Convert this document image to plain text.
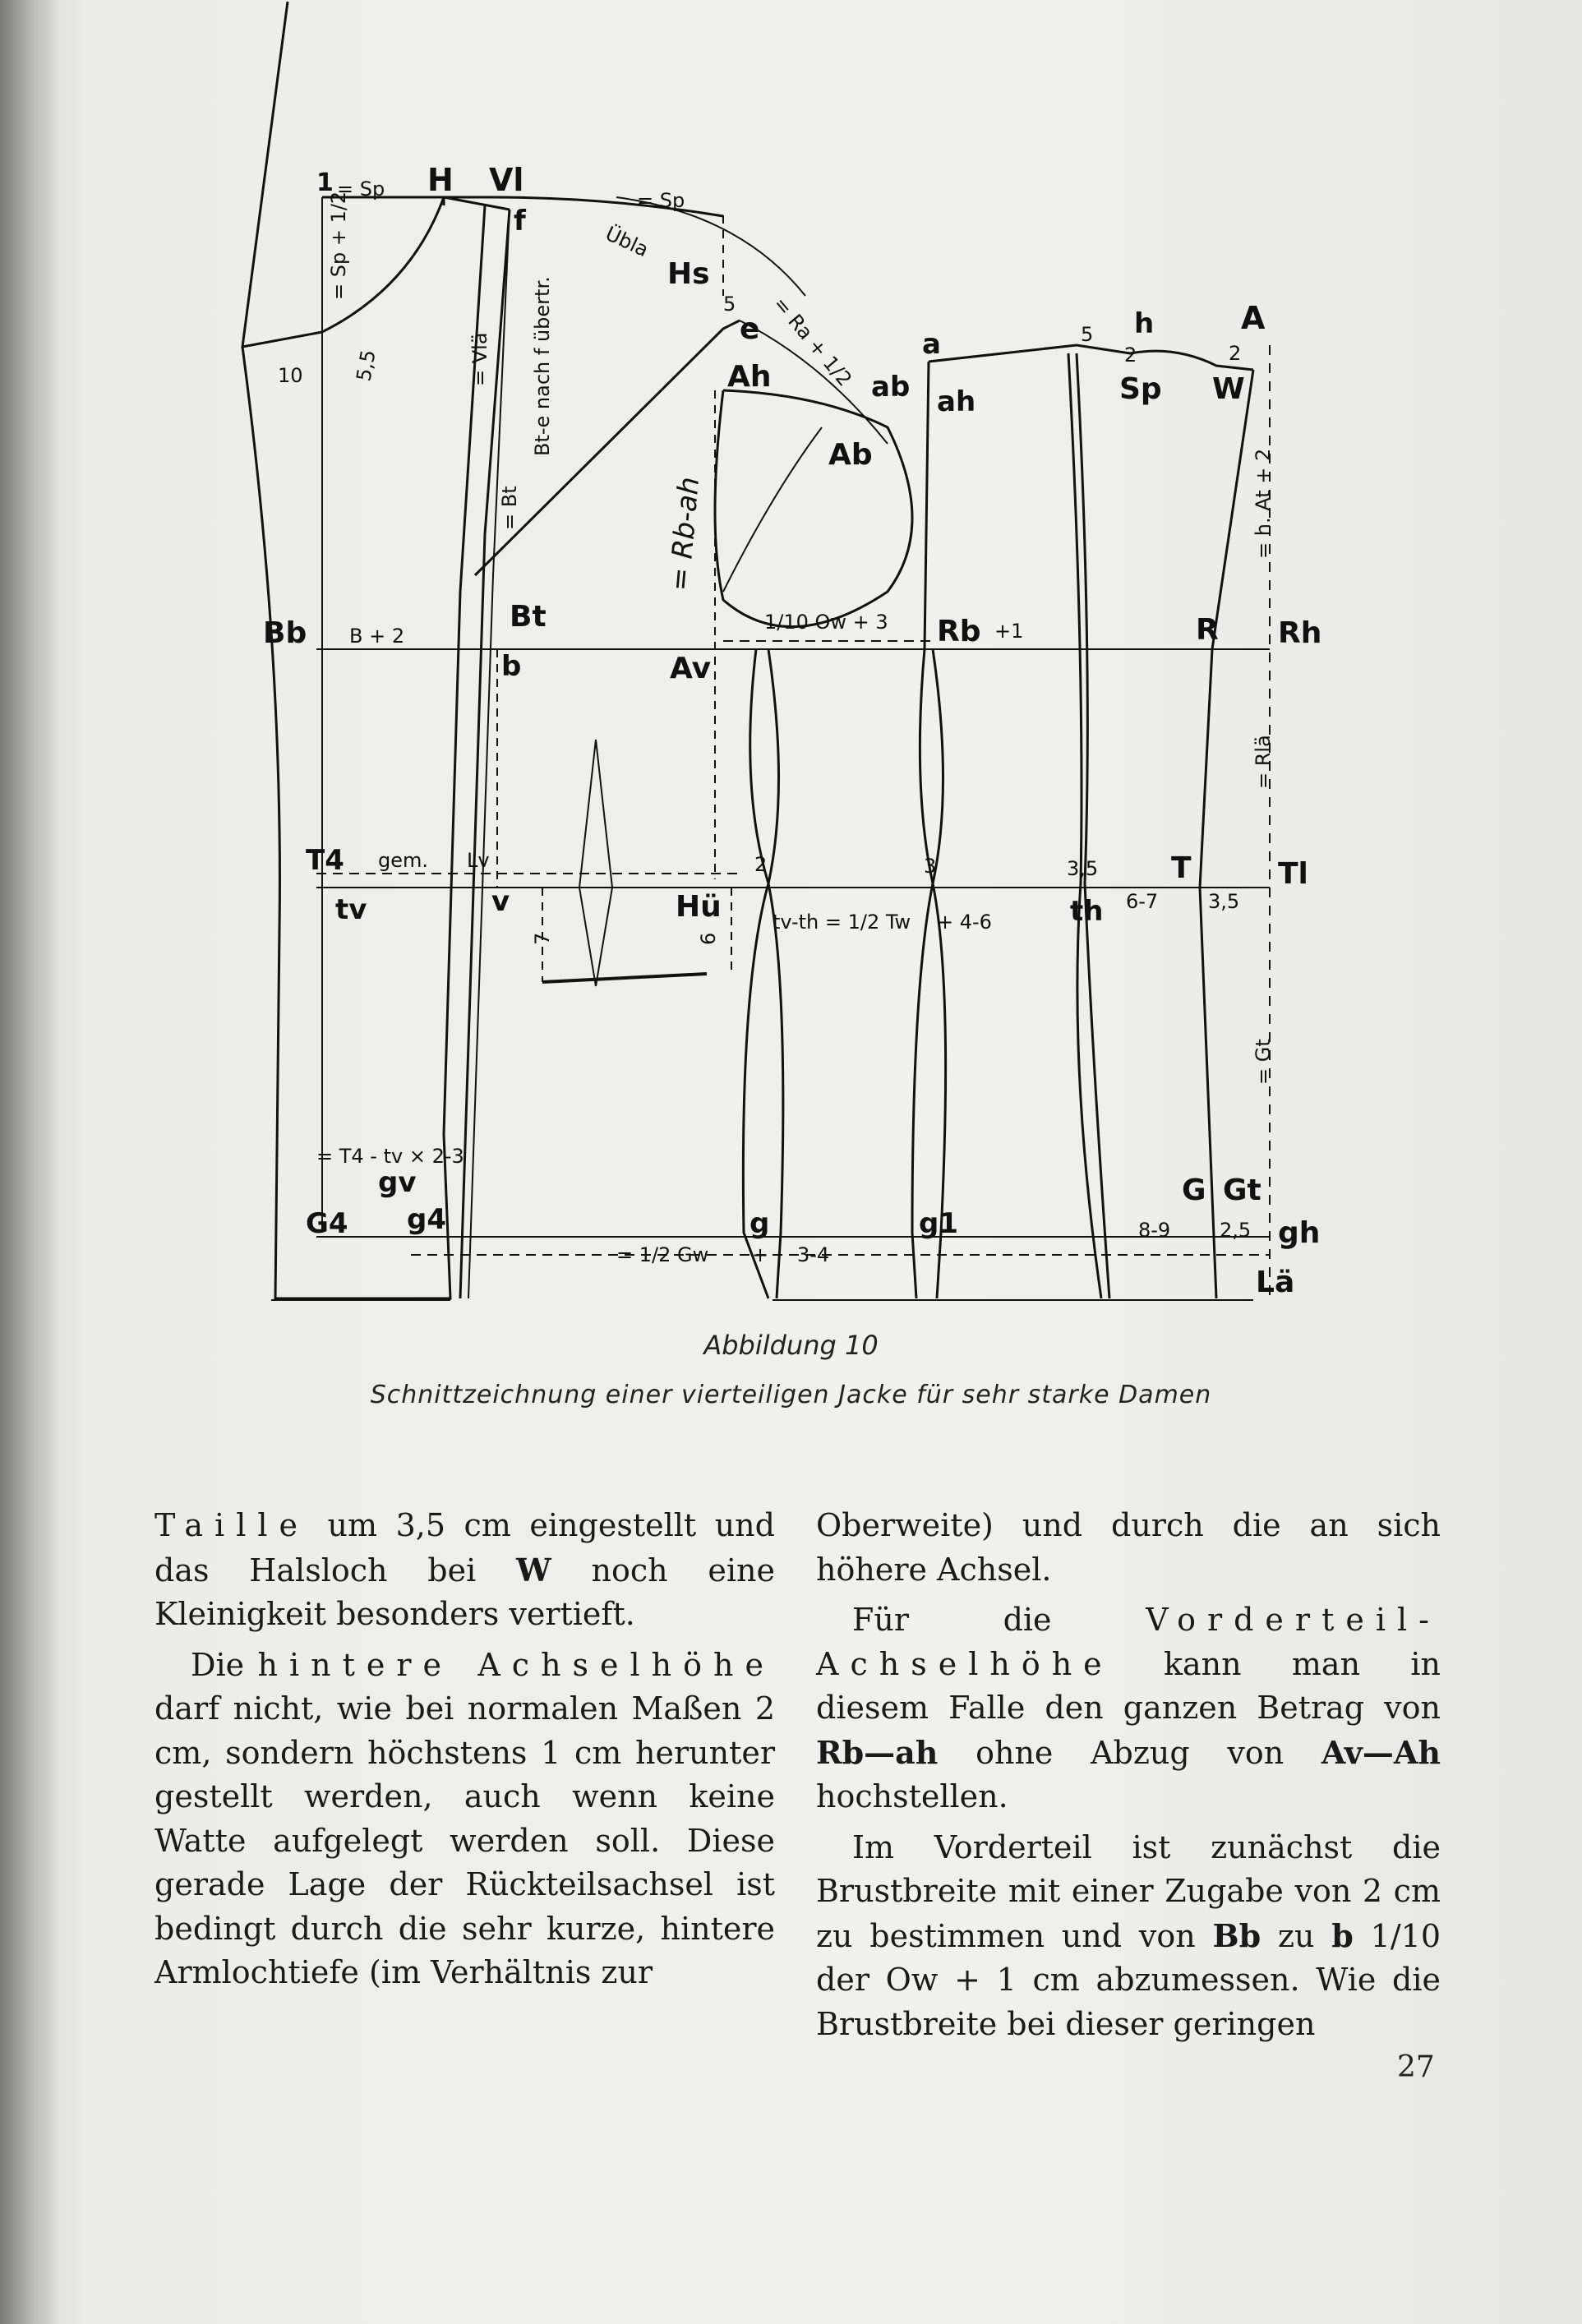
1	H Vl
f
Hs
e
Ah
Ab
a
ab ah
h	A
Sp W
Bb	Bt
b	Av
Rb	R Rh
T4
tv	v	Hü	th
T	Tl
gv
G4 g4	g	g1
G Gt
gh
Lä
= Sp	= Sp
Übla
5 = Ra + 1/2	5
2	2
= h. At + 2
= Sp + 1/2
10 5,5	= Vlä Bt-e nach f übertr.
= Bt	= Rb-ah
1/10 Ow + 3	+1
B + 2
= Rlä
gem. Lv	2	3	3,5
tv-th = 1/2 Tw + 4-6
6-7	3,5
7	6
= Gt
= T4 - tv × 2-3
8-9 2,5
= 1/2 Gw + 3-4
Abbildung 10
Schnittzeichnung einer vierteiligen Jacke für sehr starke Damen

Taille um 3,5 cm eingestellt und das Halsloch bei W noch eine Kleinigkeit besonders vertieft.

Die hintere Achselhöhe darf nicht, wie bei normalen Maßen 2 cm, sondern höchstens 1 cm herunter gestellt werden, auch wenn keine Watte aufgelegt werden soll. Diese gerade Lage der Rückteilsachsel ist bedingt durch die sehr kurze, hintere Armlochtiefe (im Verhältnis zur

Oberweite) und durch die an sich höhere Achsel.

Für die Vorderteil-Achselhöhe kann man in diesem Falle den ganzen Betrag von Rb—ah ohne Abzug von Av—Ah hochstellen.

Im Vorderteil ist zunächst die Brustbreite mit einer Zugabe von 2 cm zu bestimmen und von Bb zu b 1/10 der Ow + 1 cm abzumessen. Wie die Brustbreite bei dieser geringen

27
